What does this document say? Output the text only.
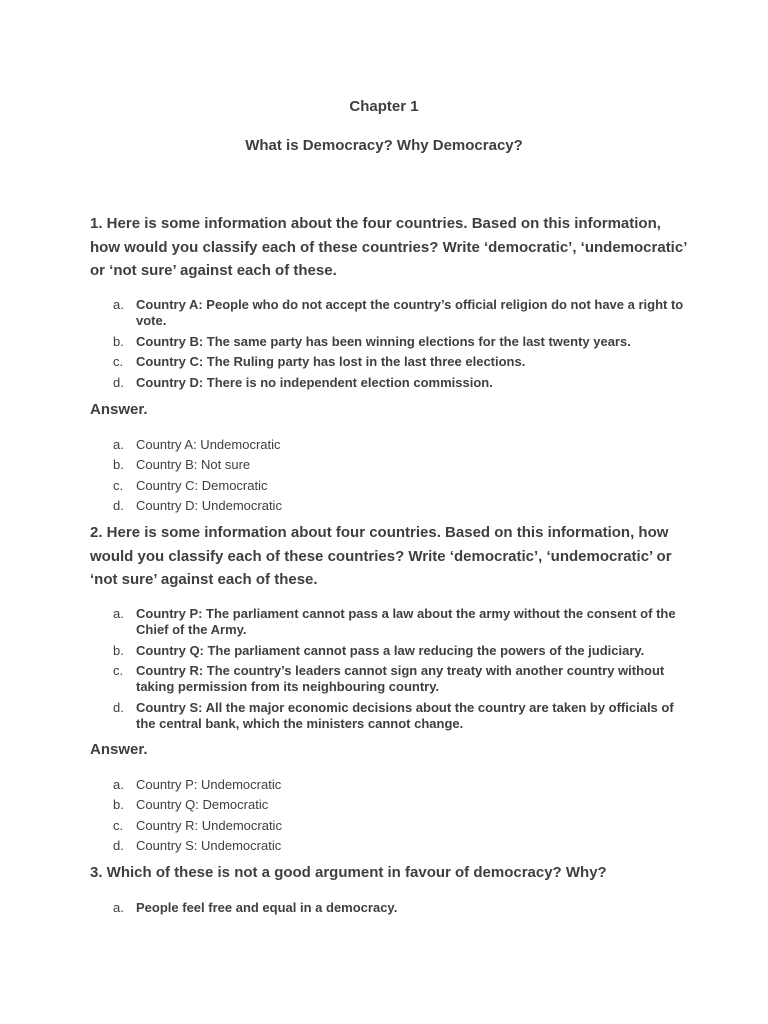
Chapter 1
What is Democracy? Why Democracy?
1. Here is some information about the four countries. Based on this information, how would you classify each of these countries? Write ‘democratic’, ‘undemocratic’ or ‘not sure’ against each of these.
a. Country A: People who do not accept the country’s official religion do not have a right to vote.
b. Country B: The same party has been winning elections for the last twenty years.
c. Country C: The Ruling party has lost in the last three elections.
d. Country D: There is no independent election commission.
Answer.
a. Country A: Undemocratic
b. Country B: Not sure
c. Country C: Democratic
d. Country D: Undemocratic
2. Here is some information about four countries. Based on this information, how would you classify each of these countries? Write ‘democratic’, ‘undemocratic’ or ‘not sure’ against each of these.
a. Country P: The parliament cannot pass a law about the army without the consent of the Chief of the Army.
b. Country Q: The parliament cannot pass a law reducing the powers of the judiciary.
c. Country R: The country’s leaders cannot sign any treaty with another country without taking permission from its neighbouring country.
d. Country S: All the major economic decisions about the country are taken by officials of the central bank, which the ministers cannot change.
Answer.
a. Country P: Undemocratic
b. Country Q: Democratic
c. Country R: Undemocratic
d. Country S: Undemocratic
3. Which of these is not a good argument in favour of democracy? Why?
a. People feel free and equal in a democracy.
